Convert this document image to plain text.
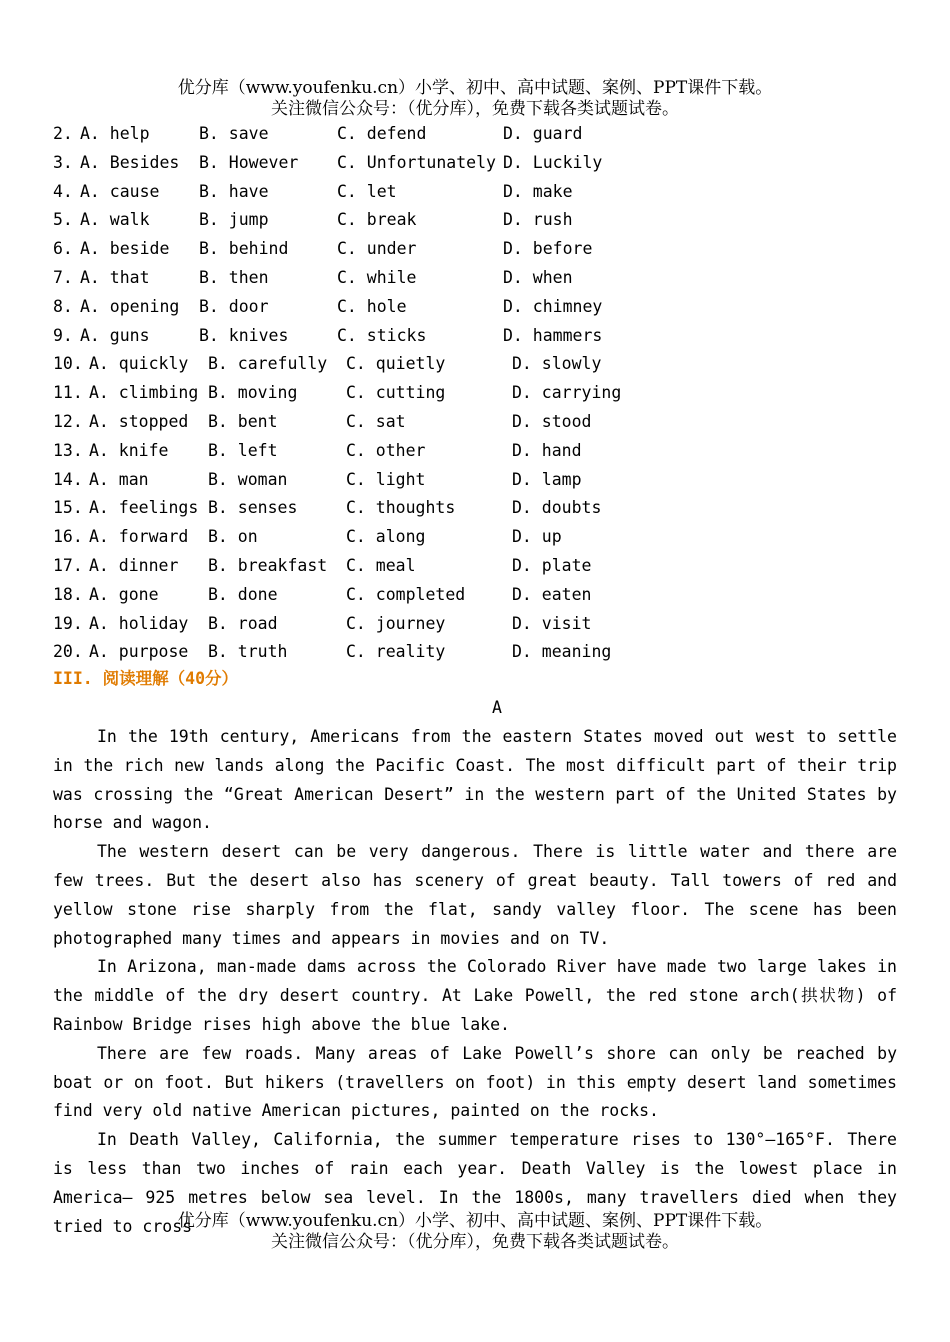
优分库（www.youfenku.cn）小学、初中、高中试题、案例、PPT课件下载。
关注微信公众号：（优分库），免费下载各类试题试卷。
2. A. help	B. save	C. defend	D. guard
3. A. Besides B. However C. Unfortunately D. Luckily
4. A. cause B. have	C. let	D. make
5. A. walk	B. jump	C. break	D. rush
6. A. beside B. behind	C. under	D. before
7. A. that	B. then	C. while	D. when
8. A. opening B. door	C. hole	D. chimney
9. A. guns	B. knives	C. sticks	D. hammers
10. A. quickly B. carefully C. quietly	D. slowly
11. A. climbing B. moving	C. cutting	D. carrying
12. A. stopped B. bent	C. sat	D. stood
13. A. knife B. left	C. other	D. hand
14. A. man	B. woman	C. light	D. lamp
15. A. feelings B. senses	C. thoughts	D. doubts
16. A. forward B. on	C. along	D. up
17. A. dinner B. breakfast C. meal	D. plate
18. A. gone	B. done	C. completed	D. eaten
19. A. holiday B. road	C. journey	D. visit
20. A. purpose B. truth	C. reality	D. meaning
III. 阅读理解（40分）
A

In the 19th century, Americans from the eastern States moved out west to settle in the rich new lands along the Pacific Coast. The most difficult part of their trip was crossing the “Great American Desert” in the western part of the United States by horse and wagon.

The western desert can be very dangerous. There is little water and there are few trees. But the desert also has scenery of great beauty. Tall towers of red and yellow stone rise sharply from the flat, sandy valley floor. The scene has been photographed many times and appears in movies and on TV.

In Arizona, man-made dams across the Colorado River have made two large lakes in the middle of the dry desert country. At Lake Powell, the red stone arch(拱状物) of Rainbow Bridge rises high above the blue lake.

There are few roads. Many areas of Lake Powell’s shore can only be reached by boat or on foot. But hikers (travellers on foot) in this empty desert land sometimes find very old native American pictures, painted on the rocks.

In Death Valley, California, the summer temperature rises to 130°—165°F. There is less than two inches of rain each year. Death Valley is the lowest place in America— 925 metres below sea level. In the 1800s, many travellers died when they tried to cross

优分库（www.youfenku.cn）小学、初中、高中试题、案例、PPT课件下载。
关注微信公众号：（优分库），免费下载各类试题试卷。
